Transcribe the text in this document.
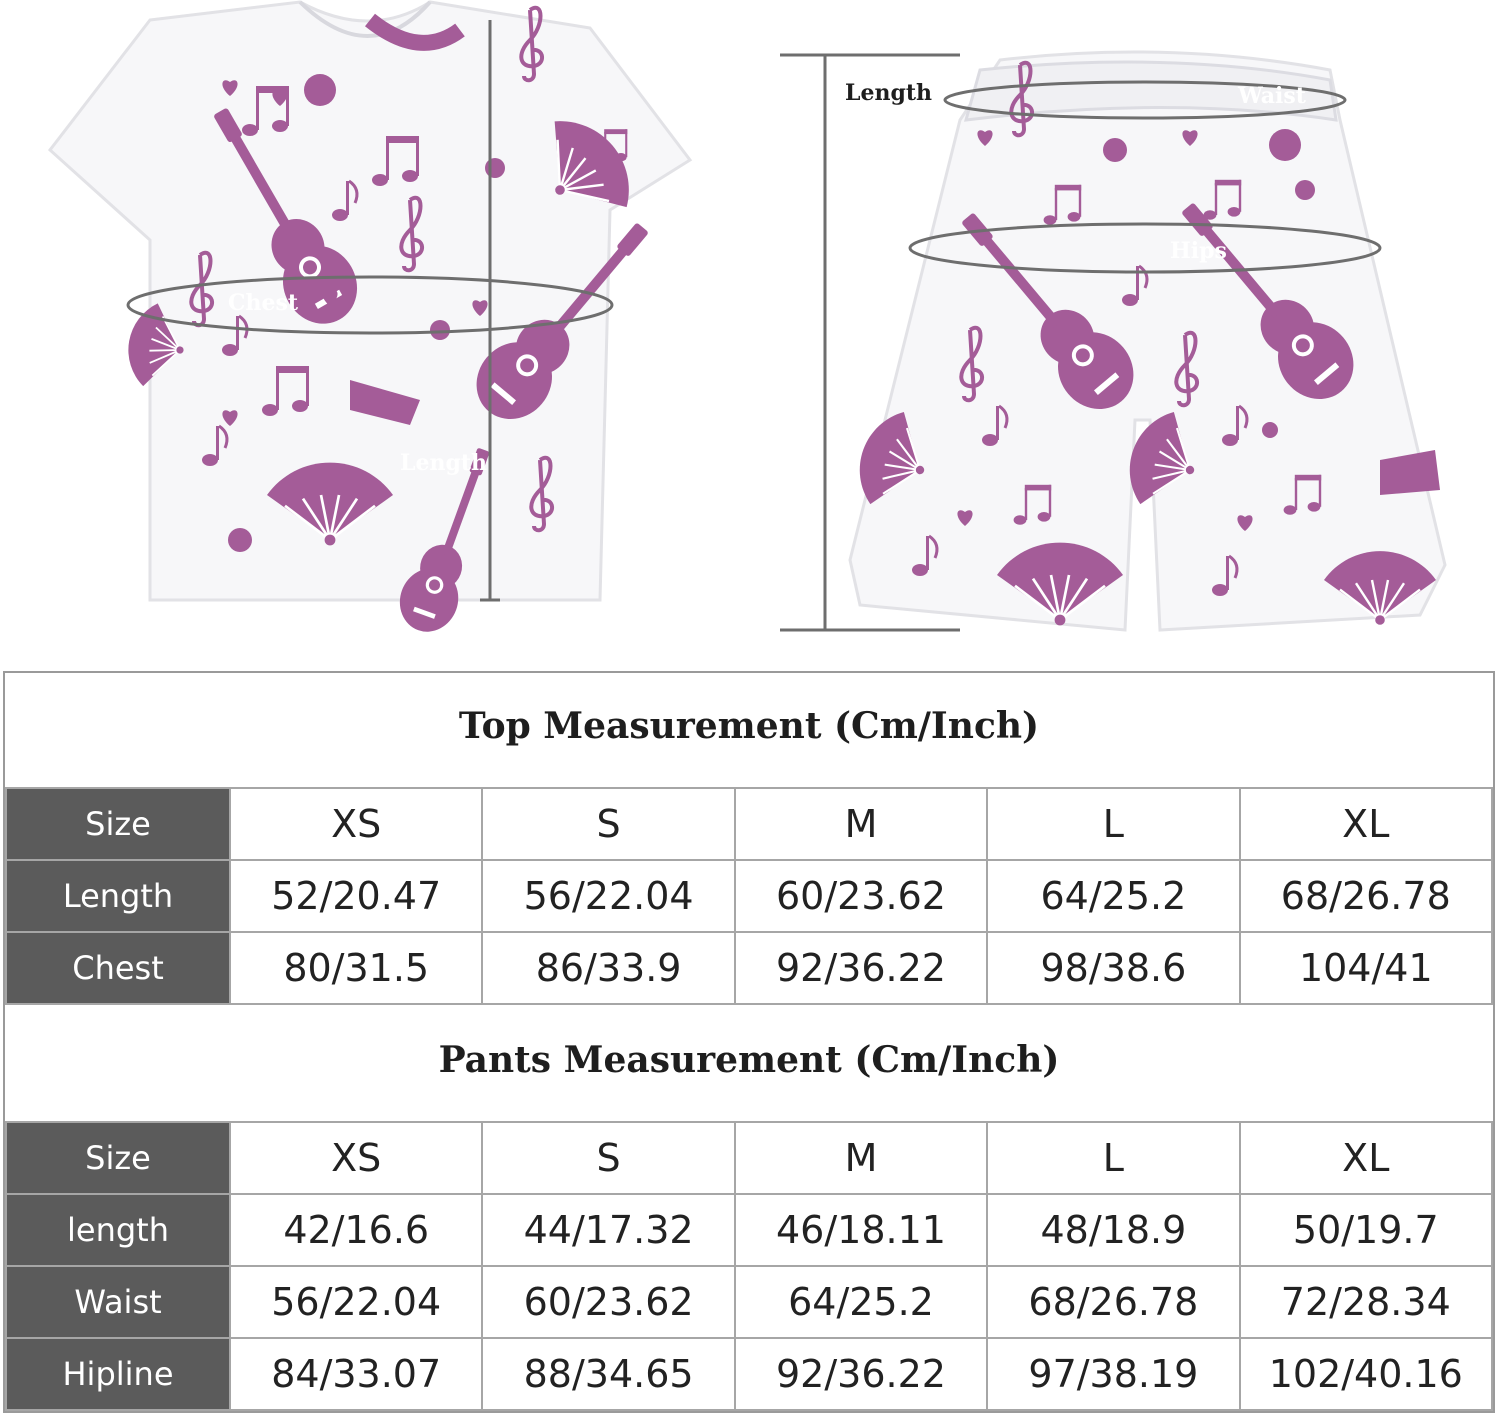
Chest
Length
Length	Waist
Hips
Top Measurement (Cm/Inch)
Size	XS	S	M	L	XL
Length	52/20.47	56/22.04	60/23.62	64/25.2	68/26.78
Chest	80/31.5	86/33.9	92/36.22	98/38.6	104/41
Pants Measurement (Cm/Inch)
Size	XS	S	M	L	XL
length	42/16.6	44/17.32	46/18.11	48/18.9	50/19.7
Waist	56/22.04	60/23.62	64/25.2	68/26.78	72/28.34
Hipline	84/33.07	88/34.65	92/36.22	97/38.19	102/40.16
